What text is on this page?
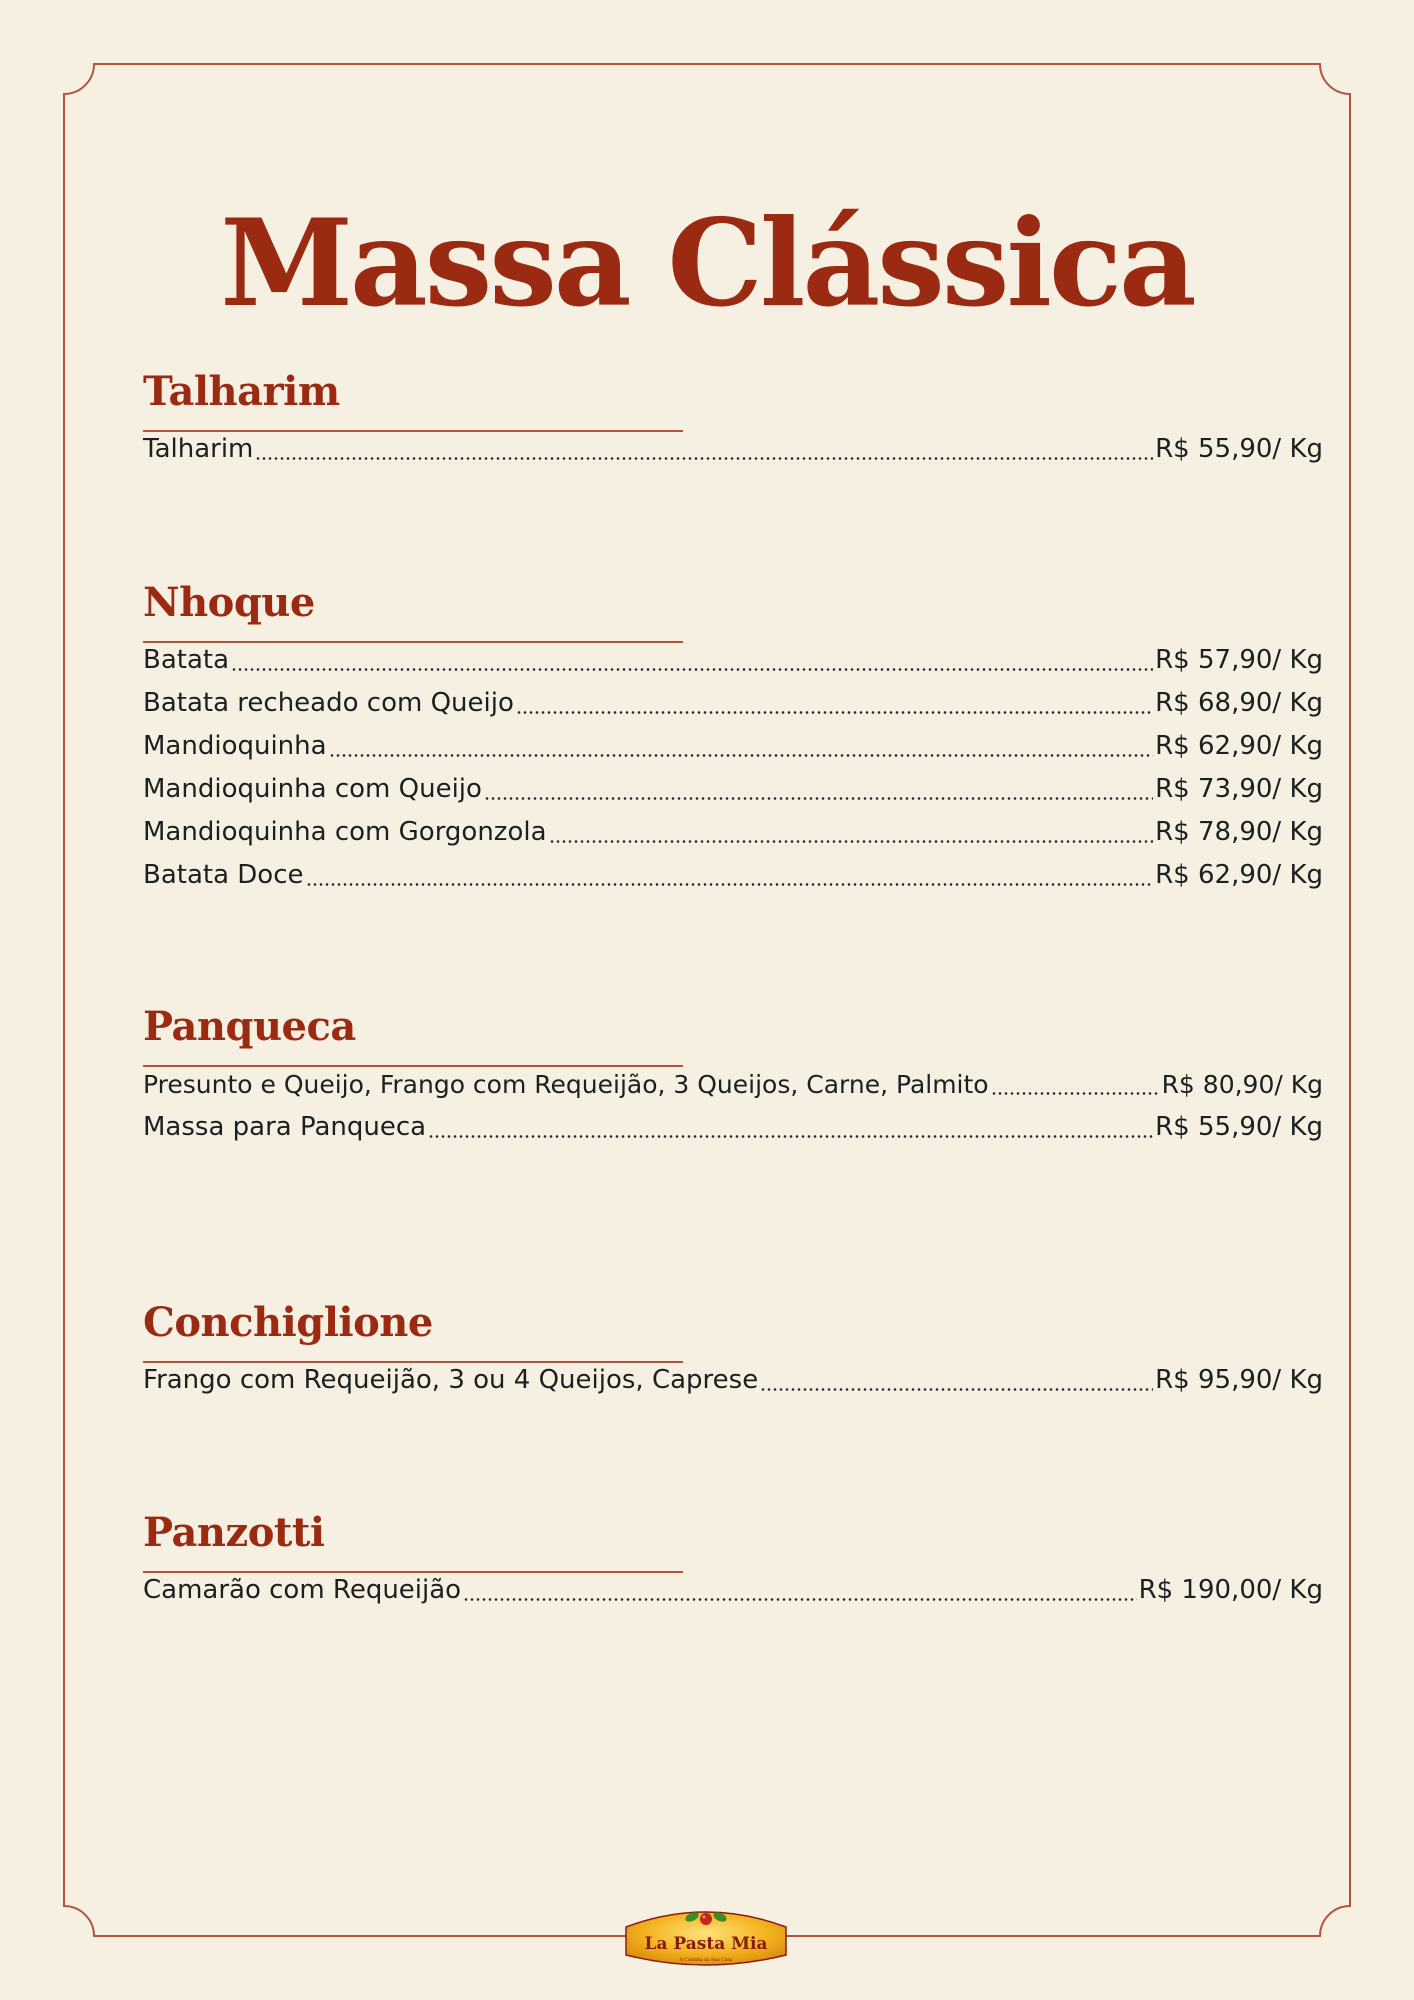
Massa Clássica
Talharim
Talharim	R$ 55,90/ Kg
Nhoque
Batata	R$ 57,90/ Kg
Batata recheado com Queijo	R$ 68,90/ Kg
Mandioquinha	R$ 62,90/ Kg
Mandioquinha com Queijo	R$ 73,90/ Kg
Mandioquinha com Gorgonzola	R$ 78,90/ Kg
Batata Doce	R$ 62,90/ Kg
Panqueca
Presunto e Queijo, Frango com Requeijão, 3 Queijos, Carne, Palmito	R$ 80,90/ Kg
Massa para Panqueca	R$ 55,90/ Kg
Conchiglione
Frango com Requeijão, 3 ou 4 Queijos, Caprese	R$ 95,90/ Kg
Panzotti
Camarão com Requeijão	R$ 190,00/ Kg
La Pasta Mia
A Cozinha da Sua Casa
